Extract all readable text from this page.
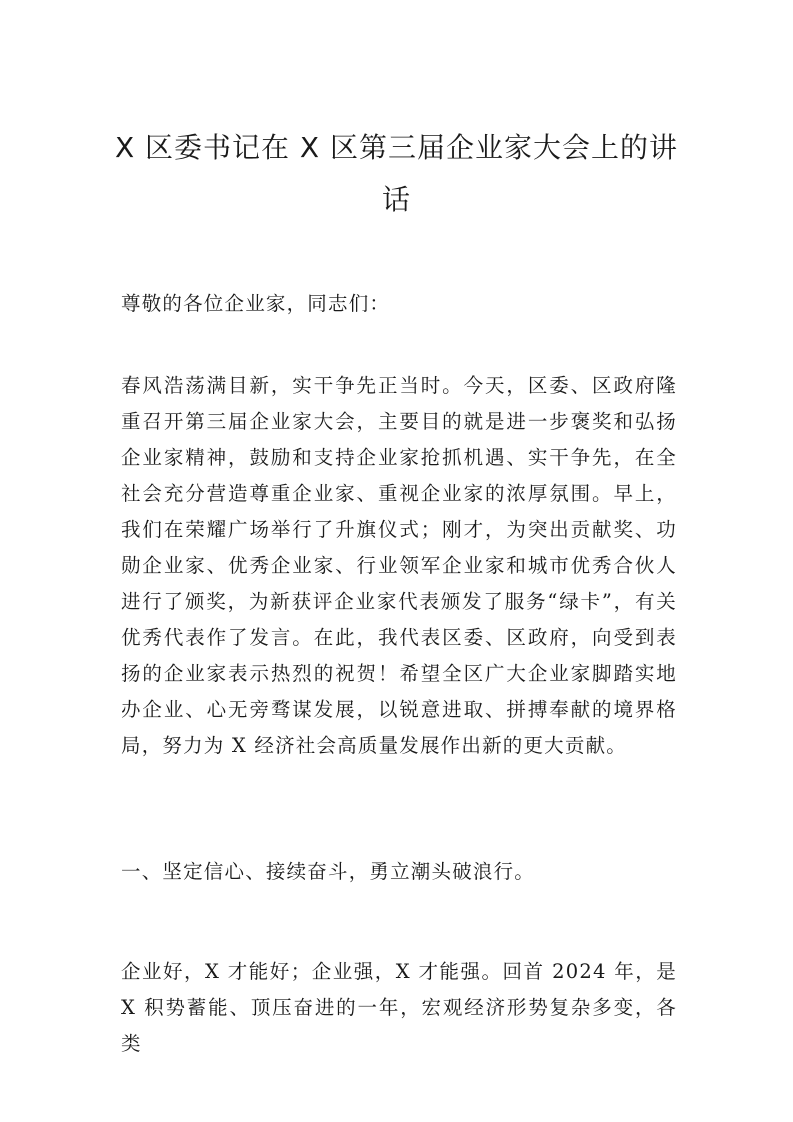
X 区委书记在 X 区第三届企业家大会上的讲话

尊敬的各位企业家，同志们：

春风浩荡满目新，实干争先正当时。今天，区委、区政府隆重召开第三届企业家大会，主要目的就是进一步褒奖和弘扬企业家精神，鼓励和支持企业家抢抓机遇、实干争先，在全社会充分营造尊重企业家、重视企业家的浓厚氛围。早上，我们在荣耀广场举行了升旗仪式；刚才，为突出贡献奖、功勋企业家、优秀企业家、行业领军企业家和城市优秀合伙人进行了颁奖，为新获评企业家代表颁发了服务“绿卡”，有关优秀代表作了发言。在此，我代表区委、区政府，向受到表扬的企业家表示热烈的祝贺！希望全区广大企业家脚踏实地办企业、心无旁骛谋发展，以锐意进取、拼搏奉献的境界格局，努力为 X 经济社会高质量发展作出新的更大贡献。

一、坚定信心、接续奋斗，勇立潮头破浪行。

企业好，X 才能好；企业强，X 才能强。回首 2024 年，是 X 积势蓄能、顶压奋进的一年，宏观经济形势复杂多变，各类
